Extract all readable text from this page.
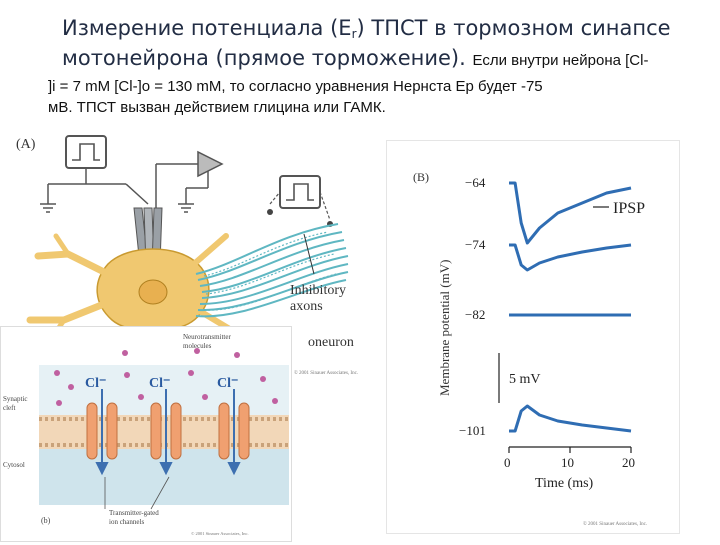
Измерение потенциала (Er) ТПСТ в тормозном синапсе
мотонейрона (прямое торможение). Если внутри нейрона [Cl-
]i = 7 mM [Cl-]o = 130 mM, то согласно уравнения Нернста Ер будет -75
мВ. ТПСТ вызван действием глицина или ГАМК.
(A)
Inhibitory
axons
oneuron
© 2001 Sinauer Associates, Inc.
Cl⁻	Cl⁻	Cl⁻
Neurotransmitter
molecules
Synaptic
cleft
Cytosol
Transmitter-gated
ion channels
(b)
© 2001 Sinauer Associates, Inc.
(B)
Membrane potential (mV)
−64
−74
−82
−101
IPSP
5 mV
0	10	20
Time (ms)
© 2001 Sinauer Associates, Inc.
